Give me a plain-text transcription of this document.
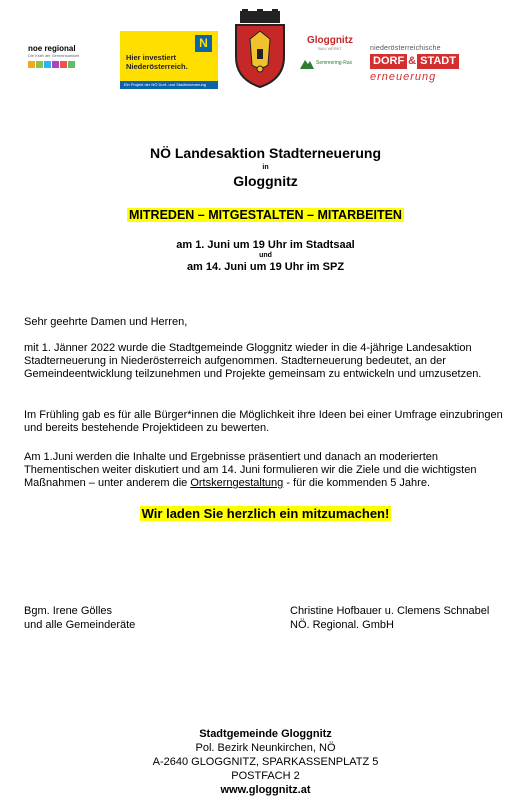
noe regional
Die Kraft der Gemeinsamkeit
N
Hier investiert
Niederösterreich.
Ein Projekt der NÖ Dorf- und Stadterneuerung
Gloggnitz
BAU WERKT
Semmering-Rax
niederösterreichische
DORF & STADT
erneuerung
NÖ Landesaktion Stadterneuerung
in
Gloggnitz
MITREDEN – MITGESTALTEN – MITARBEITEN
am 1. Juni um 19 Uhr im Stadtsaal
und
am 14. Juni um 19 Uhr im SPZ
Sehr geehrte Damen und Herren,
mit 1. Jänner 2022 wurde die Stadtgemeinde Gloggnitz wieder in die 4-jährige Landesaktion Stadterneuerung in Niederösterreich aufgenommen. Stadterneuerung bedeutet, an der Gemeindeentwicklung teilzunehmen und Projekte gemeinsam zu entwickeln und umzusetzen.
Im Frühling gab es für alle Bürger*innen die Möglichkeit ihre Ideen bei einer Umfrage einzubringen und bereits bestehende Projektideen zu bewerten.
Am 1.Juni werden die Inhalte und Ergebnisse präsentiert und danach an moderierten Thementischen weiter diskutiert und am 14. Juni formulieren wir die Ziele und die wichtigsten Maßnahmen – unter anderem die Ortskerngestaltung - für die kommenden 5 Jahre.
Wir laden Sie herzlich ein mitzumachen!
Bgm. Irene Gölles
und alle Gemeinderäte
Christine Hofbauer u. Clemens Schnabel
NÖ. Regional. GmbH
Stadtgemeinde Gloggnitz
Pol. Bezirk Neunkirchen, NÖ
A-2640 GLOGGNITZ, SPARKASSENPLATZ 5
POSTFACH 2
www.gloggnitz.at
